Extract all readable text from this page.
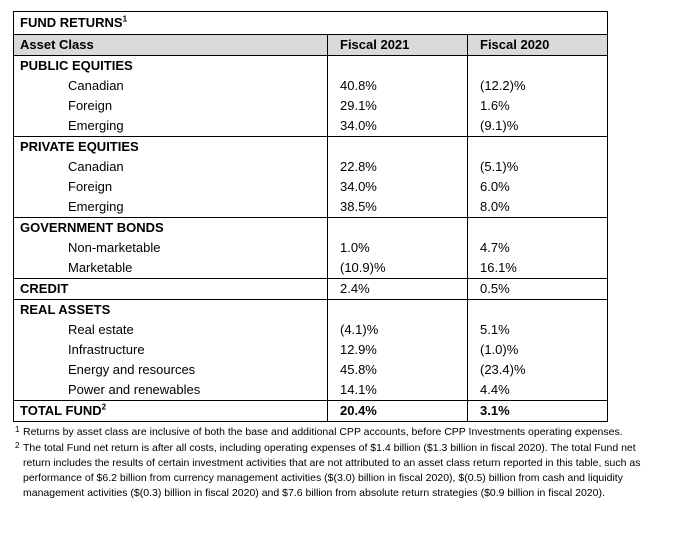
FUND RETURNS$^1$
Asset Class	Fiscal 2021	Fiscal 2020
PUBLIC EQUITIES		
Canadian	40.8%	(12.2)%
Foreign	29.1%	1.6%
Emerging	34.0%	(9.1)%
PRIVATE EQUITIES		
Canadian	22.8%	(5.1)%
Foreign	34.0%	6.0%
Emerging	38.5%	8.0%
GOVERNMENT BONDS		
Non-marketable	1.0%	4.7%
Marketable	(10.9)%	16.1%
CREDIT	2.4%	0.5%
REAL ASSETS		
Real estate	(4.1)%	5.1%
Infrastructure	12.9%	(1.0)%
Energy and resources	45.8%	(23.4)%
Power and renewables	14.1%	4.4%
TOTAL FUND$^2$	20.4%	3.1%
1 Returns by asset class are inclusive of both the base and additional CPP accounts, before CPP Investments operating expenses.
2 The total Fund net return is after all costs, including operating expenses of $1.4 billion ($1.3 billion in fiscal 2020). The total Fund net return includes the results of certain investment activities that are not attributed to an asset class return reported in this table, such as performance of $6.2 billion from currency management activities ($(3.0) billion in fiscal 2020), $(0.5) billion from cash and liquidity management activities ($(0.3) billion in fiscal 2020) and $7.6 billion from absolute return strategies ($0.9 billion in fiscal 2020).
